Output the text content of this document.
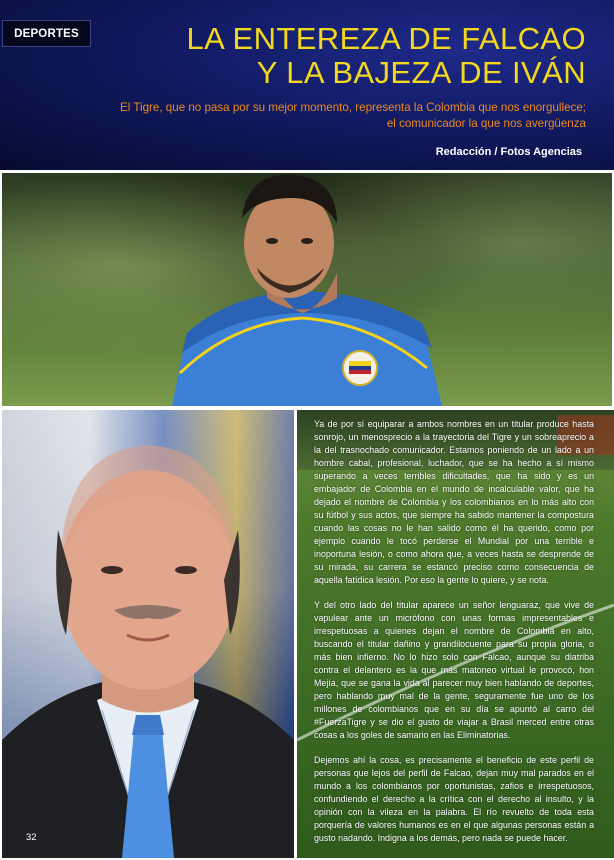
DEPORTES	LA ENTEREZA DE FALCAO
Y LA BAJEZA DE IVÁN
El Tigre, que no pasa por su mejor momento, representa la Colombia que nos enorgullece;
el comunicador la que nos avergüenza
Redacción / Fotos Agencias

Ya de por sí equiparar a ambos nombres en un titular produce hasta sonrojo, un menosprecio a la trayectoria del Tigre y un sobreaprecio a la del trasnochado comunicador. Estamos poniendo de un lado a un hombre cabal, profesional, luchador, que se ha hecho a sí mismo superando a veces terribles dificultades, que ha sido y es un embajador de Colombia en el mundo de incalculable valor, que ha dejado el nombre de Colombia y los colombianos en lo más alto con su fútbol y sus actos, que siempre ha sabido mantener la compostura cuando las cosas no le han salido como él ha querido, como por ejemplo cuando le tocó perderse el Mundial por una terrible e inoportuna lesión, o como ahora que, a veces hasta se desprende de su mirada, su carrera se estancó preciso como consecuencia de aquella fatídica lesión. Por eso la gente lo quiere, y se nota.

Y del otro lado del titular aparece un señor lenguaraz, que vive de vapulear ante un micrófono con unas formas impresentables e irrespetuosas a quienes dejan el nombre de Colombia en alto, buscando el titular dañino y grandilocuente para su propia gloria, o más bien infierno. No lo hizo solo con Falcao, aunque su diatriba contra el delantero es la que más matoneo virtual le provocó, hon Mejía, que se gana la vida al parecer muy bien hablando de deportes, pero hablando muy mal de la gente, seguramente fue uno de los millones de colombianos que en su día se apuntó al carro del #FuerzaTigre y se dio el gusto de viajar a Brasil merced entre otras cosas a los goles de samario en las Eliminatorias.

Dejemos ahí la cosa, es precisamente el beneficio de este perfil de personas que lejos del perfil de Falcao, dejan muy mal parados en el mundo a los colombianos por oportunistas, zafios e irrespetuosos, confundiendo el derecho a la crítica con el derecho al insulto, y la opinión con la vileza en la palabra. El río revuelto de toda esta porquería de valores humanos es en el que algunas personas están a gusto nadando. Indigna a los demás, pero nada se puede hacer.

32
